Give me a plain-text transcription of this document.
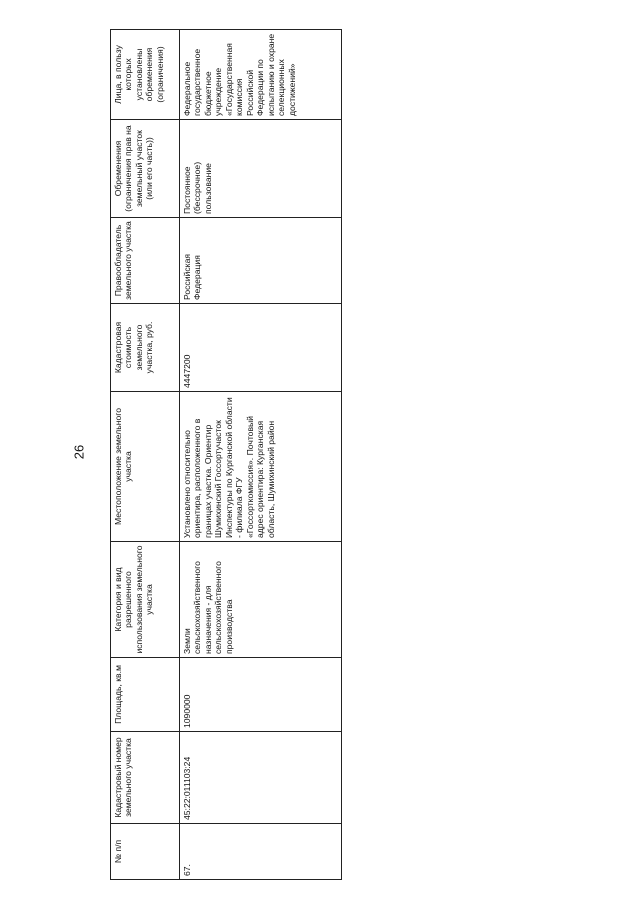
26
№ п/п	Кадастровый номер земельного участка	Площадь, кв.м	Категория и вид разрешенного использования земельного участка	Местоположение земельного участка	Кадастровая стоимость земельного участка, руб.	Правообладатель земельного участка	Обременения (ограничения прав на земельный участок (или его часть))	Лица, в пользу которых установлены обременения (ограничения)
67.	45:22:011103:24	1090000	Земли сельскохозяйственного назначения - для сельскохозяйственного производства	Установлено относительно ориентира, расположенного в границах участка. Ориентир Шумихинский Госсортучасток Инспектуры по Курганской области - филиала ФГУ «Госсорткомиссия». Почтовый адрес ориентира: Курганская область, Шумихинский район	4447200	Российская Федерация	Постоянное (бессрочное) пользование	Федеральное государственное бюджетное учреждение «Государственная комиссия Российской Федерации по испытанию и охране селекционных достижений»
